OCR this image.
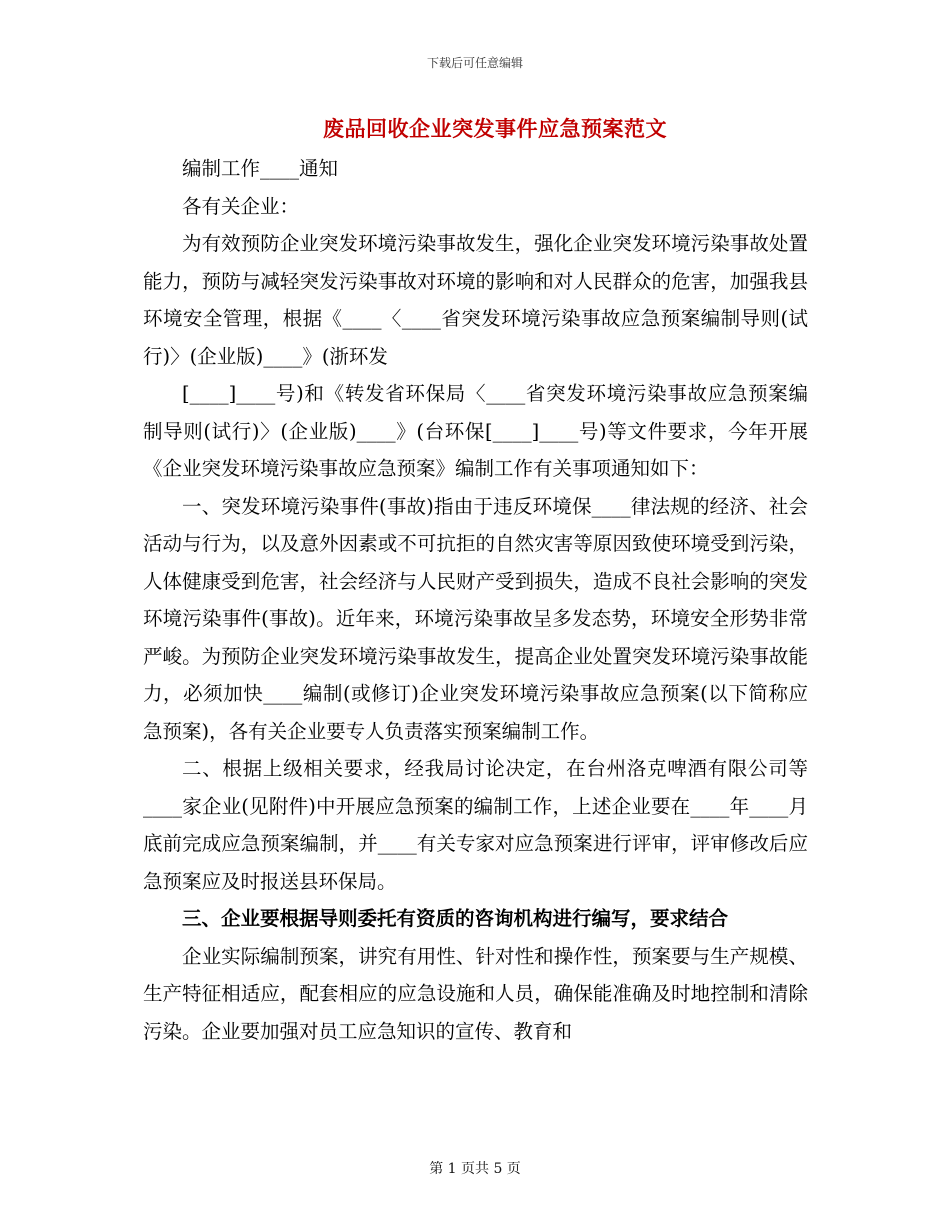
下载后可任意编辑
废品回收企业突发事件应急预案范文

编制工作____通知

各有关企业：

为有效预防企业突发环境污染事故发生，强化企业突发环境污染事故处置能力，预防与减轻突发污染事故对环境的影响和对人民群众的危害，加强我县环境安全管理，根据《____〈____省突发环境污染事故应急预案编制导则(试行)〉(企业版)____》(浙环发

[____]____号)和《转发省环保局〈____省突发环境污染事故应急预案编制导则(试行)〉(企业版)____》(台环保[____]____号)等文件要求，今年开展《企业突发环境污染事故应急预案》编制工作有关事项通知如下：

一、突发环境污染事件(事故)指由于违反环境保____律法规的经济、社会活动与行为，以及意外因素或不可抗拒的自然灾害等原因致使环境受到污染，人体健康受到危害，社会经济与人民财产受到损失，造成不良社会影响的突发环境污染事件(事故)。近年来，环境污染事故呈多发态势，环境安全形势非常严峻。为预防企业突发环境污染事故发生，提高企业处置突发环境污染事故能力，必须加快____编制(或修订)企业突发环境污染事故应急预案(以下简称应急预案)，各有关企业要专人负责落实预案编制工作。

二、根据上级相关要求，经我局讨论决定，在台州洛克啤酒有限公司等____家企业(见附件)中开展应急预案的编制工作，上述企业要在____年____月底前完成应急预案编制，并____有关专家对应急预案进行评审，评审修改后应急预案应及时报送县环保局。

三、企业要根据导则委托有资质的咨询机构进行编写，要求结合

企业实际编制预案，讲究有用性、针对性和操作性，预案要与生产规模、生产特征相适应，配套相应的应急设施和人员，确保能准确及时地控制和清除污染。企业要加强对员工应急知识的宣传、教育和

第 1 页共 5 页
